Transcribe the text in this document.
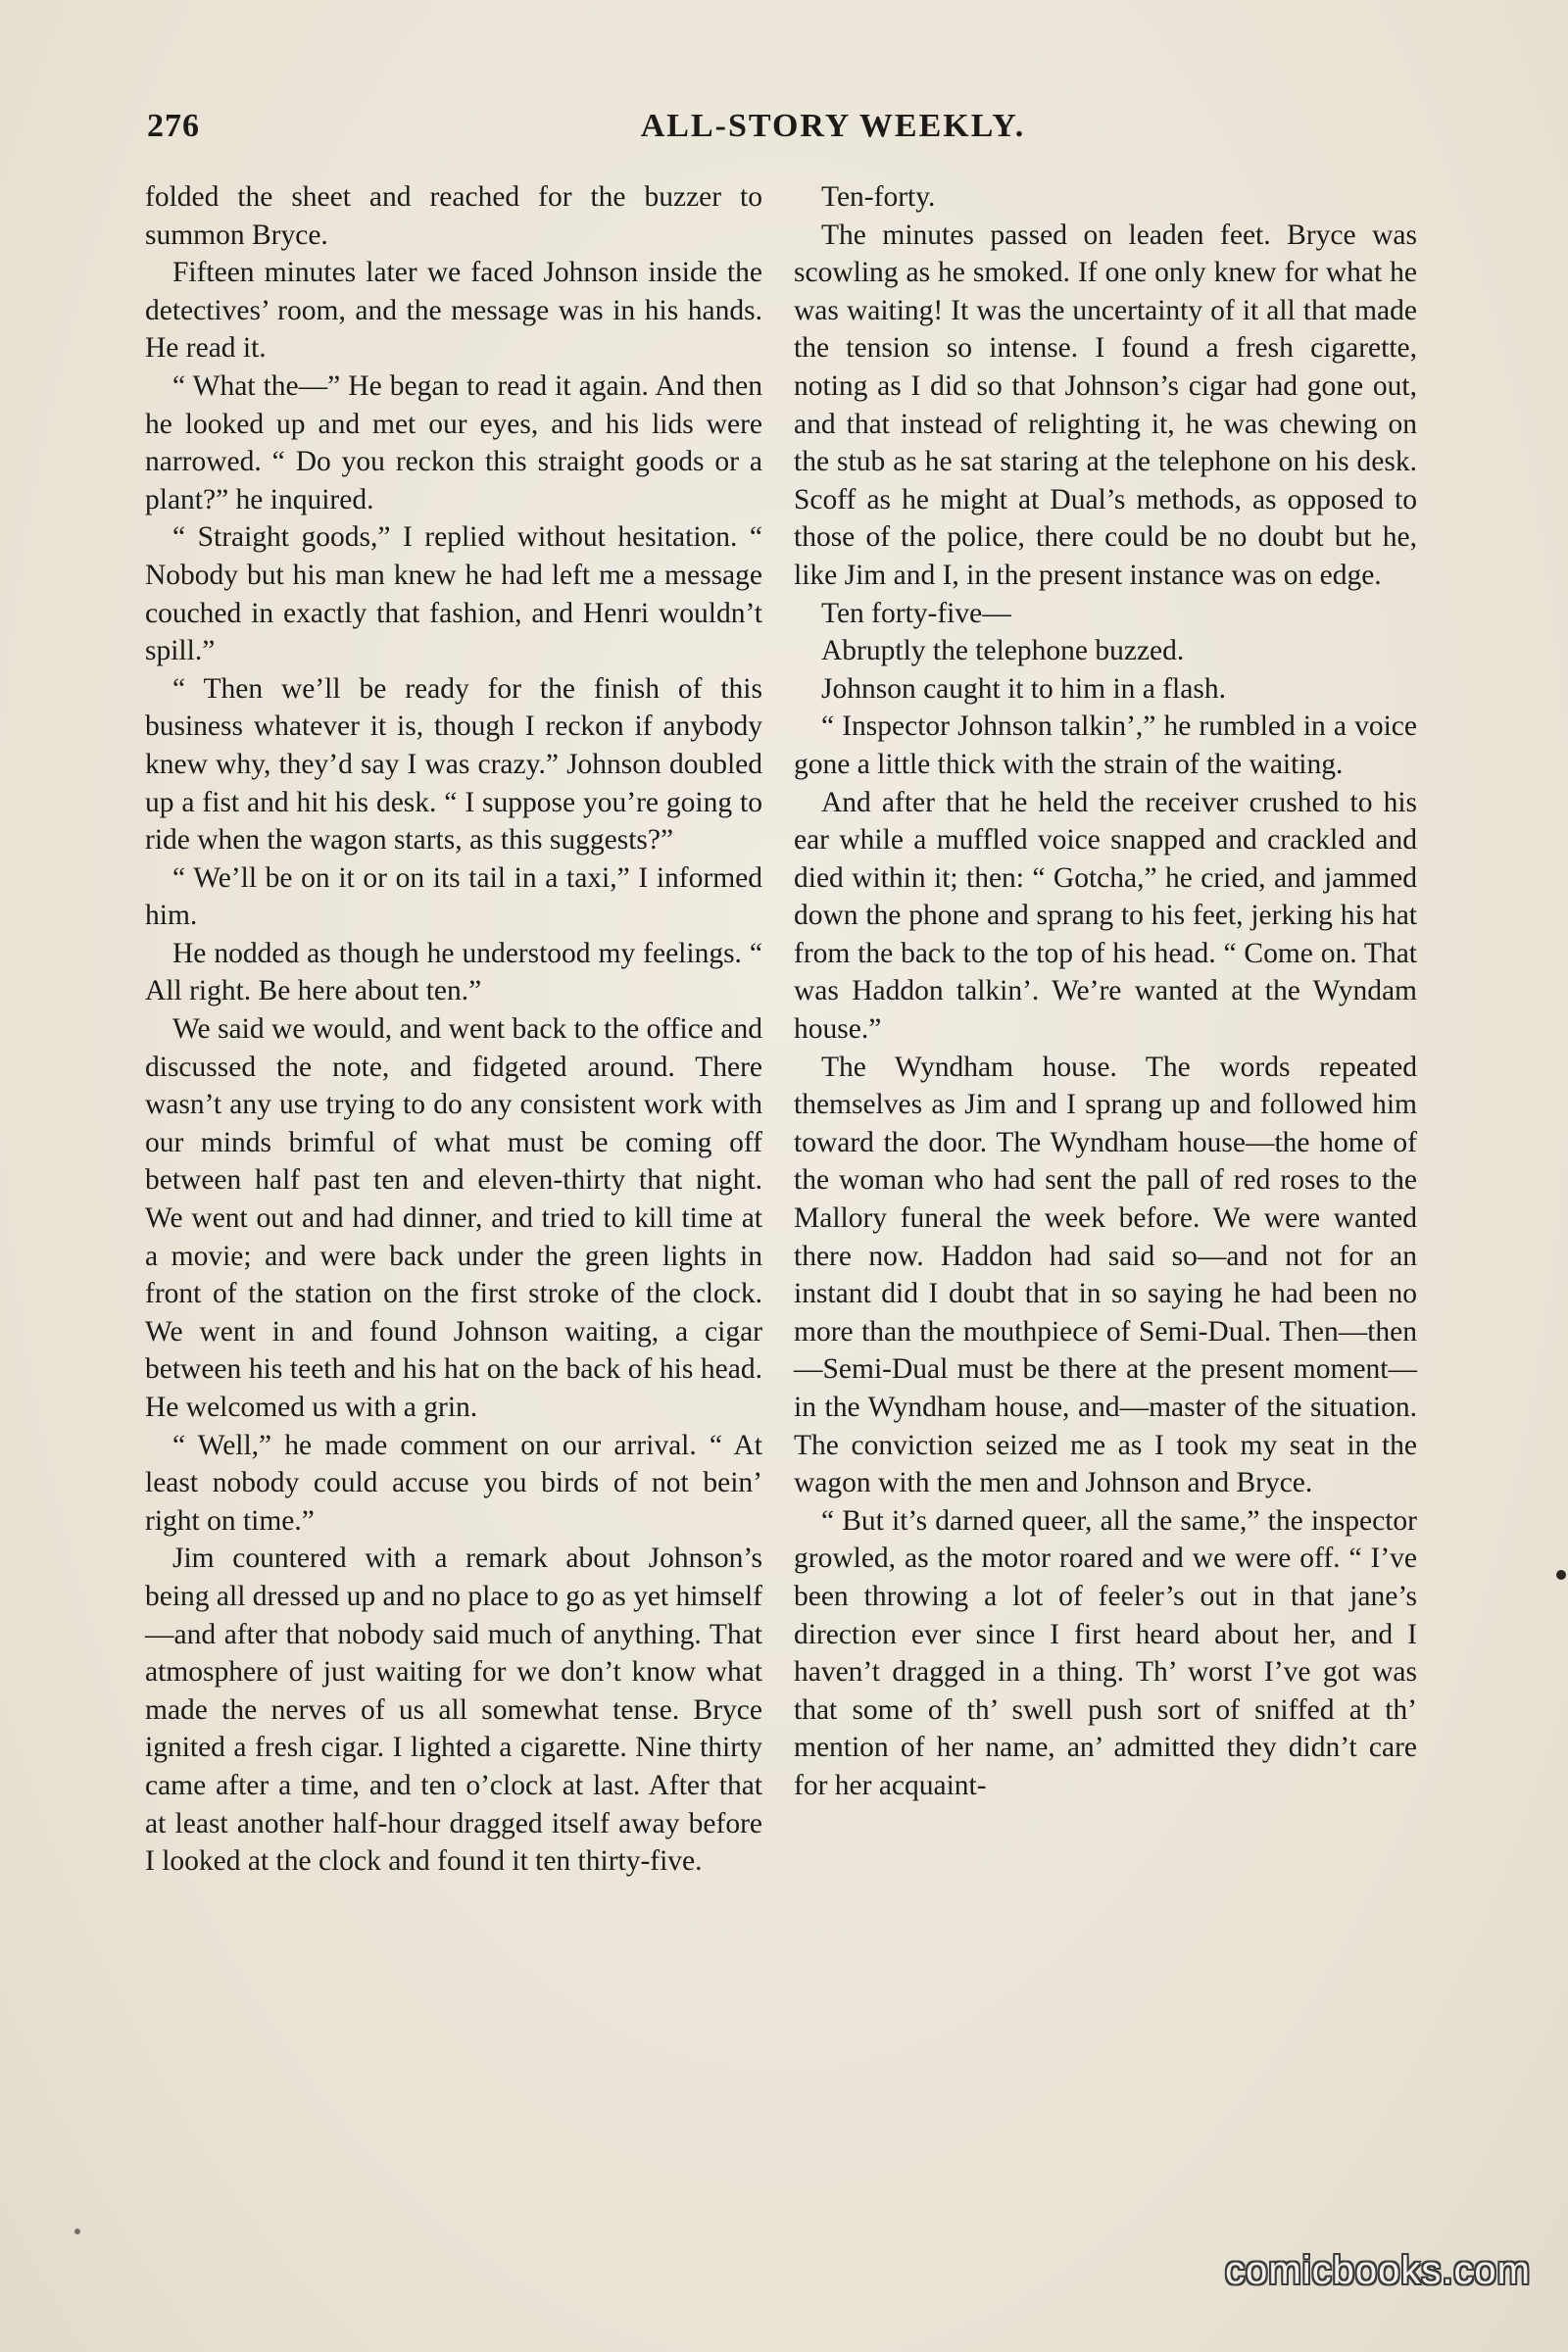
276	ALL-STORY WEEKLY.

folded the sheet and reached for the buzzer to summon Bryce.

Fifteen minutes later we faced Johnson inside the detectives’ room, and the message was in his hands. He read it.

“ What the—” He began to read it again. And then he looked up and met our eyes, and his lids were narrowed. “ Do you reckon this straight goods or a plant?” he inquired.

“ Straight goods,” I replied without hesitation. “ Nobody but his man knew he had left me a message couched in exactly that fashion, and Henri wouldn’t spill.”

“ Then we’ll be ready for the finish of this business whatever it is, though I reckon if anybody knew why, they’d say I was crazy.” Johnson doubled up a fist and hit his desk. “ I suppose you’re going to ride when the wagon starts, as this suggests?”

“ We’ll be on it or on its tail in a taxi,” I informed him.

He nodded as though he understood my feelings. “ All right. Be here about ten.”

We said we would, and went back to the office and discussed the note, and fidgeted around. There wasn’t any use trying to do any consistent work with our minds brimful of what must be coming off between half past ten and eleven-thirty that night. We went out and had dinner, and tried to kill time at a movie; and were back under the green lights in front of the station on the first stroke of the clock. We went in and found Johnson waiting, a cigar between his teeth and his hat on the back of his head. He welcomed us with a grin.

“ Well,” he made comment on our arrival. “ At least nobody could accuse you birds of not bein’ right on time.”

Jim countered with a remark about Johnson’s being all dressed up and no place to go as yet himself—and after that nobody said much of anything. That atmosphere of just waiting for we don’t know what made the nerves of us all somewhat tense. Bryce ignited a fresh cigar. I lighted a cigarette. Nine thirty came after a time, and ten o’clock at last. After that at least another half-hour dragged itself away before I looked at the clock and found it ten thirty-five.

Ten-forty.

The minutes passed on leaden feet. Bryce was scowling as he smoked. If one only knew for what he was waiting! It was the uncertainty of it all that made the tension so intense. I found a fresh cigarette, noting as I did so that Johnson’s cigar had gone out, and that instead of relighting it, he was chewing on the stub as he sat staring at the telephone on his desk. Scoff as he might at Dual’s methods, as opposed to those of the police, there could be no doubt but he, like Jim and I, in the present instance was on edge.

Ten forty-five—

Abruptly the telephone buzzed.

Johnson caught it to him in a flash.

“ Inspector Johnson talkin’,” he rumbled in a voice gone a little thick with the strain of the waiting.

And after that he held the receiver crushed to his ear while a muffled voice snapped and crackled and died within it; then: “ Gotcha,” he cried, and jammed down the phone and sprang to his feet, jerking his hat from the back to the top of his head. “ Come on. That was Haddon talkin’. We’re wanted at the Wyndam house.”

The Wyndham house. The words repeated themselves as Jim and I sprang up and followed him toward the door. The Wyndham house—the home of the woman who had sent the pall of red roses to the Mallory funeral the week before. We were wanted there now. Haddon had said so—and not for an instant did I doubt that in so saying he had been no more than the mouthpiece of Semi-Dual. Then—then—Semi-Dual must be there at the present moment—in the Wyndham house, and—master of the situation. The conviction seized me as I took my seat in the wagon with the men and Johnson and Bryce.

“ But it’s darned queer, all the same,” the inspector growled, as the motor roared and we were off. “ I’ve been throwing a lot of feeler’s out in that jane’s direction ever since I first heard about her, and I haven’t dragged in a thing. Th’ worst I’ve got was that some of th’ swell push sort of sniffed at th’ mention of her name, an’ admitted they didn’t care for her acquaint-

comicbooks.com
